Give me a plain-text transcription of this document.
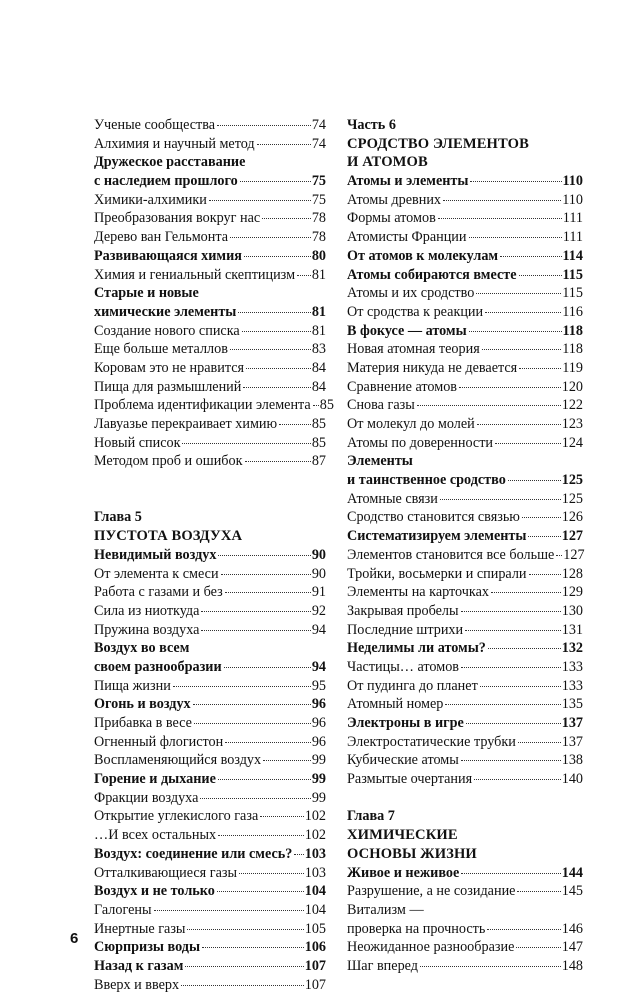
Ученые сообщества	74
Алхимия и научный метод	74
Дружеское расставание
с наследием прошлого	75
Химики-алхимики	75
Преобразования вокруг нас	78
Дерево ван Гельмонта	78
Развивающаяся химия	80
Химия и гениальный скептицизм 81
Старые и новые
химические элементы	81
Создание нового списка	81
Еще больше металлов	83
Коровам это не нравится	84
Пища для размышлений	84
Проблема идентификации элемента 85
Лавуазье перекраивает химию 85
Новый список	85
Методом проб и ошибок	87
Глава 5
ПУСТОТА ВОЗДУХА
Невидимый воздух	90
От элемента к смеси	90
Работа с газами и без	91
Сила из ниоткуда	92
Пружина воздуха	94
Воздух во всем
своем разнообразии	94
Пища жизни	95
Огонь и воздух	96
Прибавка в весе	96
Огненный флогистон	96
Воспламеняющийся воздух	99
Горение и дыхание	99
Фракции воздуха	99
Открытие углекислого газа	102
…И всех остальных	102
Воздух: соединение или смесь? 103
Отталкивающиеся газы	103
Воздух и не только	104
Галогены	104
Инертные газы	105
Сюрпризы воды	106
Назад к газам	107
Вверх и вверх	107
Часть 6
СРОДСТВО ЭЛЕМЕНТОВ
И АТОМОВ
Атомы и элементы	110
Атомы древних	110
Формы атомов	111
Атомисты Франции	111
От атомов к молекулам	114
Атомы собираются вместе	115
Атомы и их сродство	115
От сродства к реакции	116
В фокусе — атомы	118
Новая атомная теория	118
Материя никуда не девается	119
Сравнение атомов	120
Снова газы	122
От молекул до молей	123
Атомы по доверенности	124
Элементы
и таинственное сродство	125
Атомные связи	125
Сродство становится связью	126
Систематизируем элементы 127
Элементов становится все больше 127
Тройки, восьмерки и спирали 128
Элементы на карточках	129
Закрывая пробелы	130
Последние штрихи	131
Неделимы ли атомы?	132
Частицы… атомов	133
От пудинга до планет	133
Атомный номер	135
Электроны в игре	137
Электростатические трубки	137
Кубические атомы	138
Размытые очертания	140
Глава 7
ХИМИЧЕСКИЕ
ОСНОВЫ ЖИЗНИ
Живое и неживое	144
Разрушение, а не созидание	145
Витализм —
проверка на прочность	146
Неожиданное разнообразие	147
Шаг вперед	148
6
